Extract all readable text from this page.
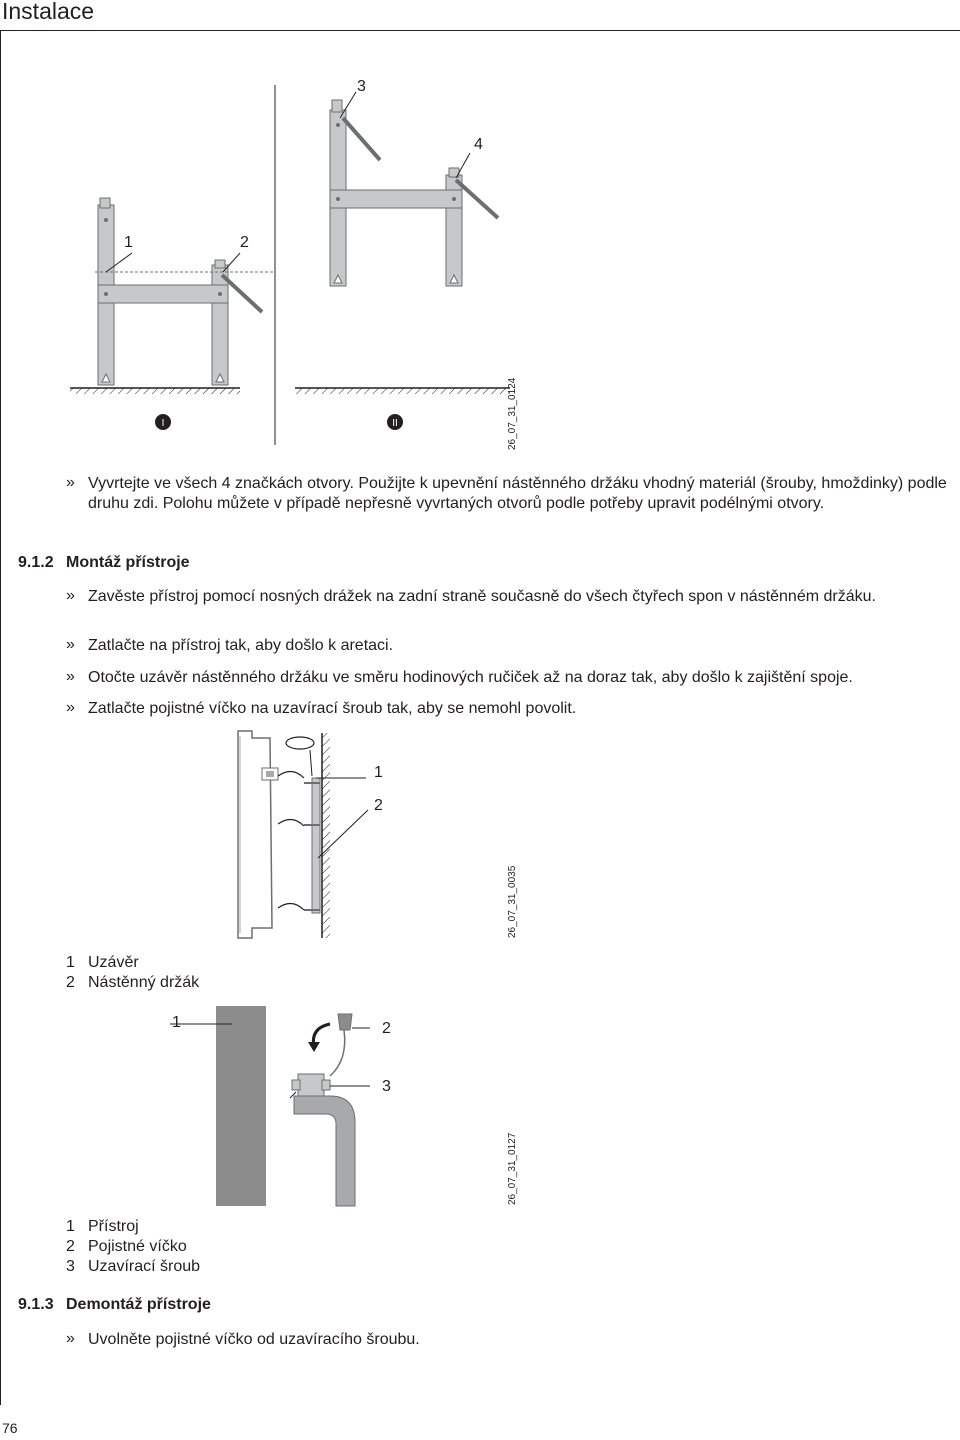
Instalace
I	II
1	2
3
4
26_07_31_0124
» Vyvrtejte ve všech 4 značkách otvory. Použijte k upevnění nástěnného držáku vhodný materiál (šrouby, hmoždinky) podle druhu zdi. Polohu můžete v případě nepřesně vyvrtaných otvorů podle potřeby upravit podélnými otvory.
9.1.2 Montáž přístroje
» Zavěste přístroj pomocí nosných drážek na zadní straně současně do všech čtyřech spon v nástěnném držáku.
» Zatlačte na přístroj tak, aby došlo k aretaci.
» Otočte uzávěr nástěnného držáku ve směru hodinových ručiček až na doraz tak, aby došlo k zajištění spoje.
» Zatlačte pojistné víčko na uzavírací šroub tak, aby se nemohl povolit.
1
2
26_07_31_0035
1 Uzávěr
2 Nástěnný držák
1	2
3
26_07_31_0127
1 Přístroj
2 Pojistné víčko
3 Uzavírací šroub
9.1.3 Demontáž přístroje
» Uvolněte pojistné víčko od uzavíracího šroubu.
76
